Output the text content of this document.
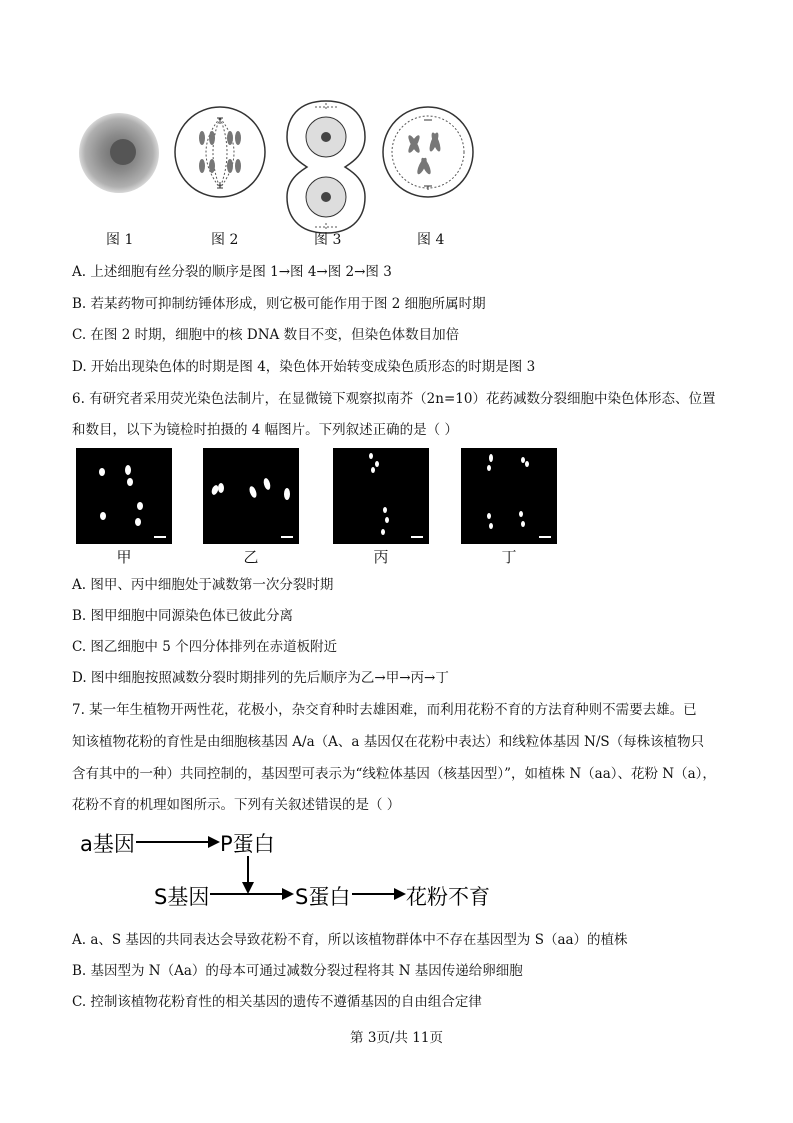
图 1	图 2	图 3	图 4
A. 上述细胞有丝分裂的顺序是图 1→图 4→图 2→图 3
B. 若某药物可抑制纺锤体形成，则它极可能作用于图 2 细胞所属时期
C. 在图 2 时期，细胞中的核 DNA 数目不变，但染色体数目加倍
D. 开始出现染色体的时期是图 4，染色体开始转变成染色质形态的时期是图 3
6. 有研究者采用荧光染色法制片，在显微镜下观察拟南芥（2n=10）花药减数分裂细胞中染色体形态、位置
和数目，以下为镜检时拍摄的 4 幅图片。下列叙述正确的是（ ）
甲	乙	丙	丁
A. 图甲、丙中细胞处于减数第一次分裂时期
B. 图甲细胞中同源染色体已彼此分离
C. 图乙细胞中 5 个四分体排列在赤道板附近
D. 图中细胞按照减数分裂时期排列的先后顺序为乙→甲→丙→丁
7. 某一年生植物开两性花，花极小，杂交育种时去雄困难，而利用花粉不育的方法育种则不需要去雄。已
知该植物花粉的育性是由细胞核基因 A/a（A、a 基因仅在花粉中表达）和线粒体基因 N/S（每株该植物只
含有其中的一种）共同控制的，基因型可表示为“线粒体基因（核基因型）”，如植株 N（aa）、花粉 N（a），
花粉不育的机理如图所示。下列有关叙述错误的是（ ）
a基因	P蛋白
S基因	S蛋白	花粉不育
A. a、S 基因的共同表达会导致花粉不育，所以该植物群体中不存在基因型为 S（aa）的植株
B. 基因型为 N（Aa）的母本可通过减数分裂过程将其 N 基因传递给卵细胞
C. 控制该植物花粉育性的相关基因的遗传不遵循基因的自由组合定律
第 3页/共 11页
